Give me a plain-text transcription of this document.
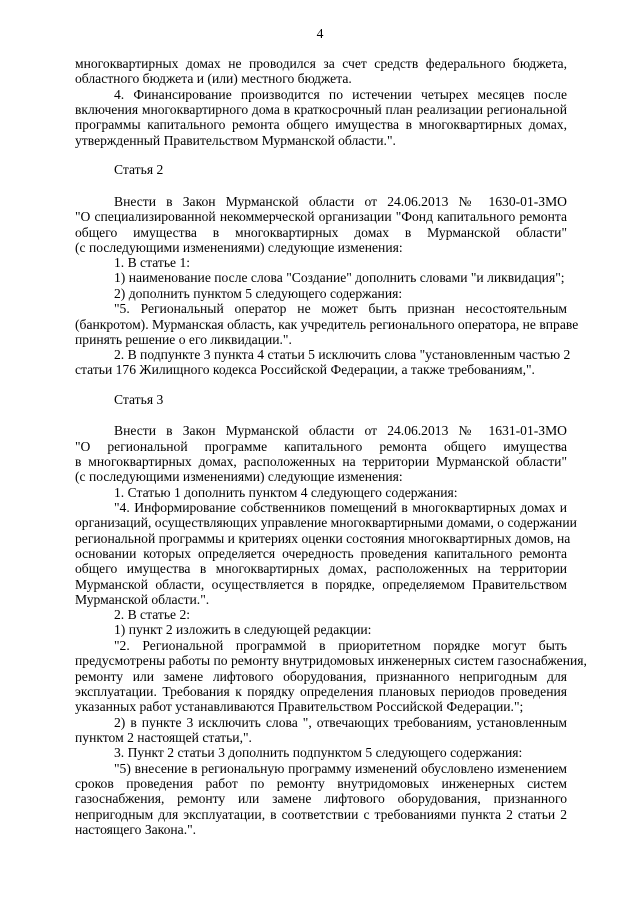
4
многоквартирных домах не проводился за счет средств федерального бюджета,
областного бюджета и (или) местного бюджета.
4. Финансирование производится по истечении четырех месяцев после
включения многоквартирного дома в краткосрочный план реализации региональной
программы капитального ремонта общего имущества в многоквартирных домах,
утвержденный Правительством Мурманской области.".
Статья 2
Внести в Закон Мурманской области от 24.06.2013 № 1630-01-ЗМО
"О специализированной некоммерческой организации "Фонд капитального ремонта
общего имущества в многоквартирных домах в Мурманской области"
(с последующими изменениями) следующие изменения:
1. В статье 1:
1) наименование после слова "Создание" дополнить словами "и ликвидация";
2) дополнить пунктом 5 следующего содержания:
"5. Региональный оператор не может быть признан несостоятельным
(банкротом). Мурманская область, как учредитель регионального оператора, не вправе
принять решение о его ликвидации.".
2. В подпункте 3 пункта 4 статьи 5 исключить слова "установленным частью 2
статьи 176 Жилищного кодекса Российской Федерации, а также требованиям,".
Статья 3
Внести в Закон Мурманской области от 24.06.2013 № 1631-01-ЗМО
"О региональной программе капитального ремонта общего имущества
в многоквартирных домах, расположенных на территории Мурманской области"
(с последующими изменениями) следующие изменения:
1. Статью 1 дополнить пунктом 4 следующего содержания:
"4. Информирование собственников помещений в многоквартирных домах и
организаций, осуществляющих управление многоквартирными домами, о содержании
региональной программы и критериях оценки состояния многоквартирных домов, на
основании которых определяется очередность проведения капитального ремонта
общего имущества в многоквартирных домах, расположенных на территории
Мурманской области, осуществляется в порядке, определяемом Правительством
Мурманской области.".
2. В статье 2:
1) пункт 2 изложить в следующей редакции:
"2. Региональной программой в приоритетном порядке могут быть
предусмотрены работы по ремонту внутридомовых инженерных систем газоснабжения,
ремонту или замене лифтового оборудования, признанного непригодным для
эксплуатации. Требования к порядку определения плановых периодов проведения
указанных работ устанавливаются Правительством Российской Федерации.";
2) в пункте 3 исключить слова ", отвечающих требованиям, установленным
пунктом 2 настоящей статьи,".
3. Пункт 2 статьи 3 дополнить подпунктом 5 следующего содержания:
"5) внесение в региональную программу изменений обусловлено изменением
сроков проведения работ по ремонту внутридомовых инженерных систем
газоснабжения, ремонту или замене лифтового оборудования, признанного
непригодным для эксплуатации, в соответствии с требованиями пункта 2 статьи 2
настоящего Закона.".
